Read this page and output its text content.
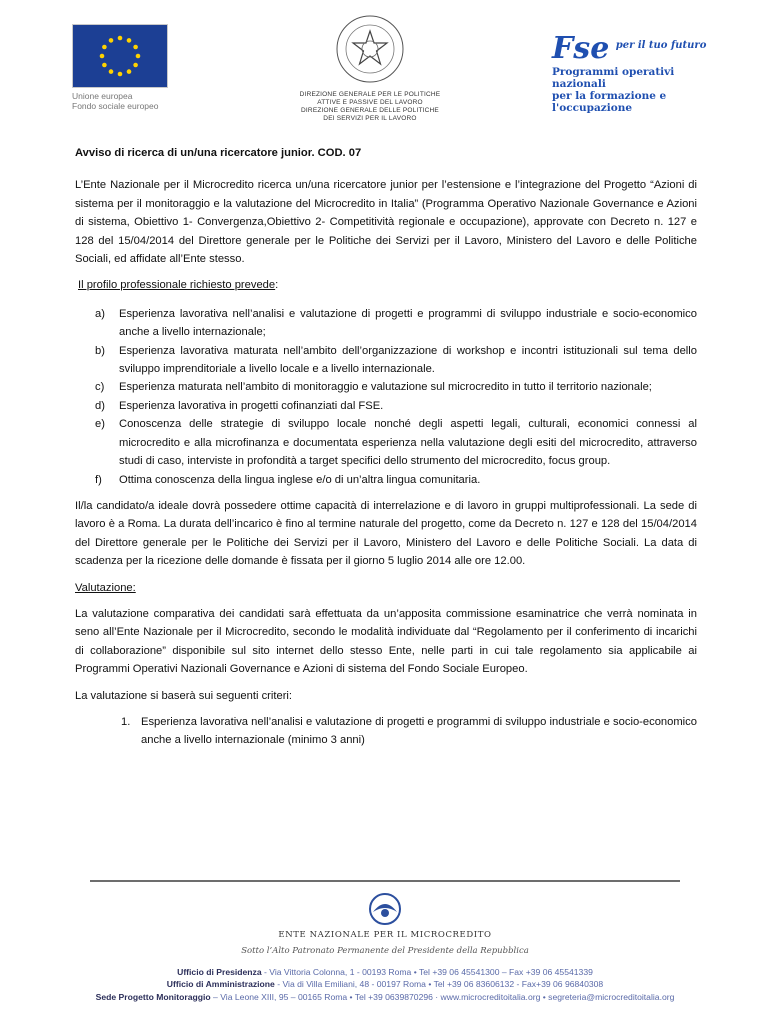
Unione europea
Fondo sociale europeo
DIREZIONE GENERALE PER LE POLITICHE
ATTIVE E PASSIVE DEL LAVORO
DIREZIONE GENERALE DELLE POLITICHE
DEI SERVIZI PER IL LAVORO
Fse $^{per il tuo futuro}$
Programmi operativi nazionali
per la formazione e l'occupazione

Avviso di ricerca di un/una ricercatore junior. COD. 07

L’Ente Nazionale per il Microcredito ricerca un/una ricercatore junior per l’estensione e l’integrazione del Progetto “Azioni di sistema per il monitoraggio e la valutazione del Microcredito in Italia” (Programma Operativo Nazionale Governance e Azioni di sistema, Obiettivo 1- Convergenza,Obiettivo 2- Competitività regionale e occupazione), approvate con Decreto n. 127 e 128 del 15/04/2014 del Direttore generale per le Politiche dei Servizi per il Lavoro, Ministero del Lavoro e delle Politiche Sociali, ed affidate all’Ente stesso.

Il profilo professionale richiesto prevede:

a) Esperienza lavorativa nell’analisi e valutazione di progetti e programmi di sviluppo industriale e socio-economico anche a livello internazionale;
b) Esperienza lavorativa maturata nell’ambito dell’organizzazione di workshop e incontri istituzionali sul tema dello sviluppo imprenditoriale a livello locale e a livello internazionale.
c) Esperienza maturata nell’ambito di monitoraggio e valutazione sul microcredito in tutto il territorio nazionale;
d) Esperienza lavorativa in progetti cofinanziati dal FSE.
e) Conoscenza delle strategie di sviluppo locale nonché degli aspetti legali, culturali, economici connessi al microcredito e alla microfinanza e documentata esperienza nella valutazione degli esiti del microcredito, attraverso studi di caso, interviste in profondità a target specifici dello strumento del microcredito, focus group.
f) Ottima conoscenza della lingua inglese e/o di un’altra lingua comunitaria.

Il/la candidato/a ideale dovrà possedere ottime capacità di interrelazione e di lavoro in gruppi multiprofessionali. La sede di lavoro è a Roma. La durata dell’incarico è fino al termine naturale del progetto, come da Decreto n. 127 e 128 del 15/04/2014 del Direttore generale per le Politiche dei Servizi per il Lavoro, Ministero del Lavoro e delle Politiche Sociali. La data di scadenza per la ricezione delle domande è fissata per il giorno 5 luglio 2014 alle ore 12.00.

Valutazione:

La valutazione comparativa dei candidati sarà effettuata da un’apposita commissione esaminatrice che verrà nominata in seno all’Ente Nazionale per il Microcredito, secondo le modalità individuate dal “Regolamento per il conferimento di incarichi di collaborazione” disponibile sul sito internet dello stesso Ente, nelle parti in cui tale regolamento sia applicabile ai Programmi Operativi Nazionali Governance e Azioni di sistema del Fondo Sociale Europeo.

La valutazione si baserà sui seguenti criteri:

1. Esperienza lavorativa nell’analisi e valutazione di progetti e programmi di sviluppo industriale e socio-economico anche a livello internazionale (minimo 3 anni)
ENTE NAZIONALE PER IL MICROCREDITO
Sotto l’Alto Patronato Permanente del Presidente della Repubblica
Ufficio di Presidenza - Via Vittoria Colonna, 1 - 00193 Roma • Tel +39 06 45541300 – Fax +39 06 45541339
Ufficio di Amministrazione - Via di Villa Emiliani, 48 - 00197 Roma • Tel +39 06 83606132 - Fax+39 06 96840308
Sede Progetto Monitoraggio – Via Leone XIII, 95 – 00165 Roma • Tel +39 0639870296 · www.microcreditoitalia.org • segreteria@microcreditoitalia.org
